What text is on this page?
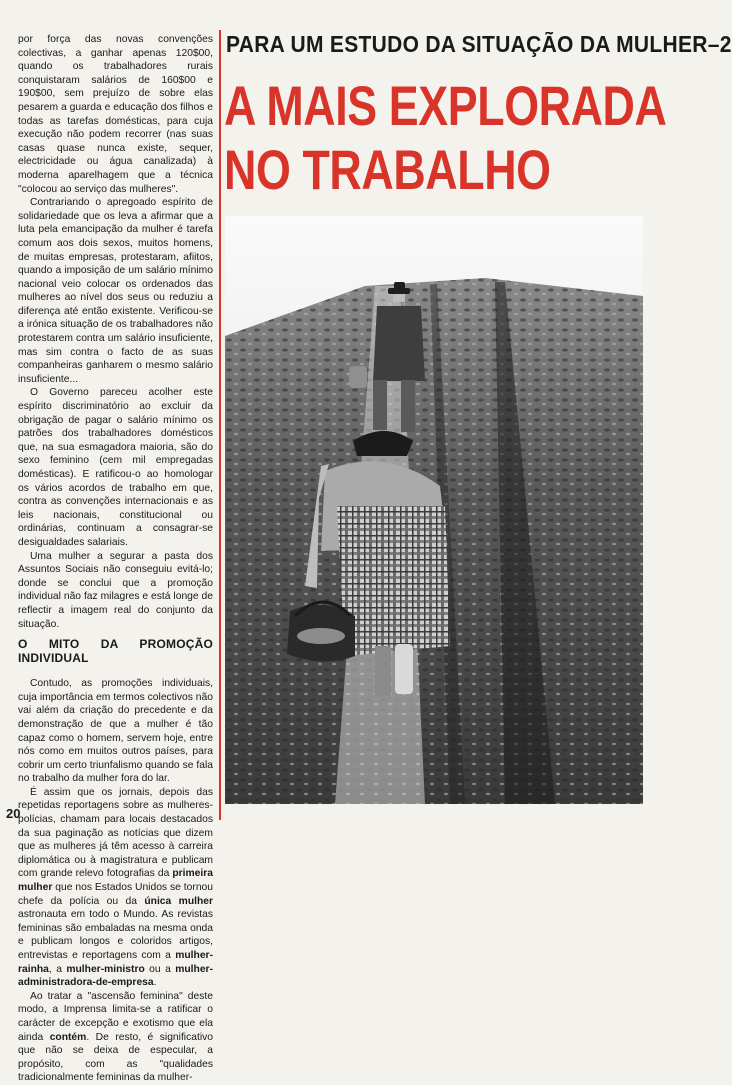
por força das novas convenções colectivas, a ganhar apenas 120$00, quando os trabalhadores rurais conquistaram salários de 160$00 e 190$00, sem prejuízo de sobre elas pesarem a guarda e educação dos filhos e todas as tarefas domésticas, para cuja execução não podem recorrer (nas suas casas quase nunca existe, sequer, electricidade ou água canalizada) à moderna aparelhagem que a técnica "colocou ao serviço das mulheres".

Contrariando o apregoado espírito de solidariedade que os leva a afirmar que a luta pela emancipação da mulher é tarefa comum aos dois sexos, muitos homens, de muitas empresas, protestaram, afiitos, quando a imposição de um salário mínimo nacional veio colocar os ordenados das mulheres ao nível dos seus ou reduziu a diferença até então existente. Verificou-se a irónica situação de os trabalhadores não protestarem contra um salário insuficiente, mas sim contra o facto de as suas companheiras ganharem o mesmo salário insuficiente...

O Governo pareceu acolher este espírito discriminatório ao excluir da obrigação de pagar o salário mínimo os patrões dos trabalhadores domésticos que, na sua esmagadora maioria, são do sexo feminino (cem mil empregadas domésticas). E ratificou-o ao homologar os vários acordos de trabalho em que, contra as convenções internacionais e as leis nacionais, constitucional ou ordinárias, continuam a consagrar-se desigualdades salariais.

Uma mulher a segurar a pasta dos Assuntos Sociais não conseguiu evitá-lo; donde se conclui que a promoção individual não faz milagres e está longe de reflectir a imagem real do conjunto da situação.

O MITO DA PROMOÇÃO INDIVIDUAL

Contudo, as promoções individuais, cuja importância em termos colectivos não vai além da criação do precedente e da demonstração de que a mulher é tão capaz como o homem, servem hoje, entre nós como em muitos outros países, para cobrir um certo triunfalismo quando se fala no trabalho da mulher fora do lar.

É assim que os jornais, depois das repetidas reportagens sobre as mulheres-polícias, chamam para locais destacados da sua paginação as notícias que dizem que as mulheres já têm acesso à carreira diplomática ou à magistratura e publicam com grande relevo fotografias da primeira mulher que nos Estados Unidos se tornou chefe da polícia ou da única mulher astronauta em todo o Mundo. As revistas femininas são embaladas na mesma onda e publicam longos e coloridos artigos, entrevistas e reportagens com a mulher-rainha, a mulher-ministro ou a mulher-administradora-de-empresa.

Ao tratar a "ascensão feminina" deste modo, a Imprensa limita-se a ratificar o carácter de excepção e exotismo que ela ainda contém. De resto, é significativo que não se deixa de especular, a propósito, com as "qualidades tradicionalmente femininas da mulher-

20
PARA UM ESTUDO DA SITUAÇÃO DA MULHER–2
A MAIS EXPLORADA
NO TRABALHO
